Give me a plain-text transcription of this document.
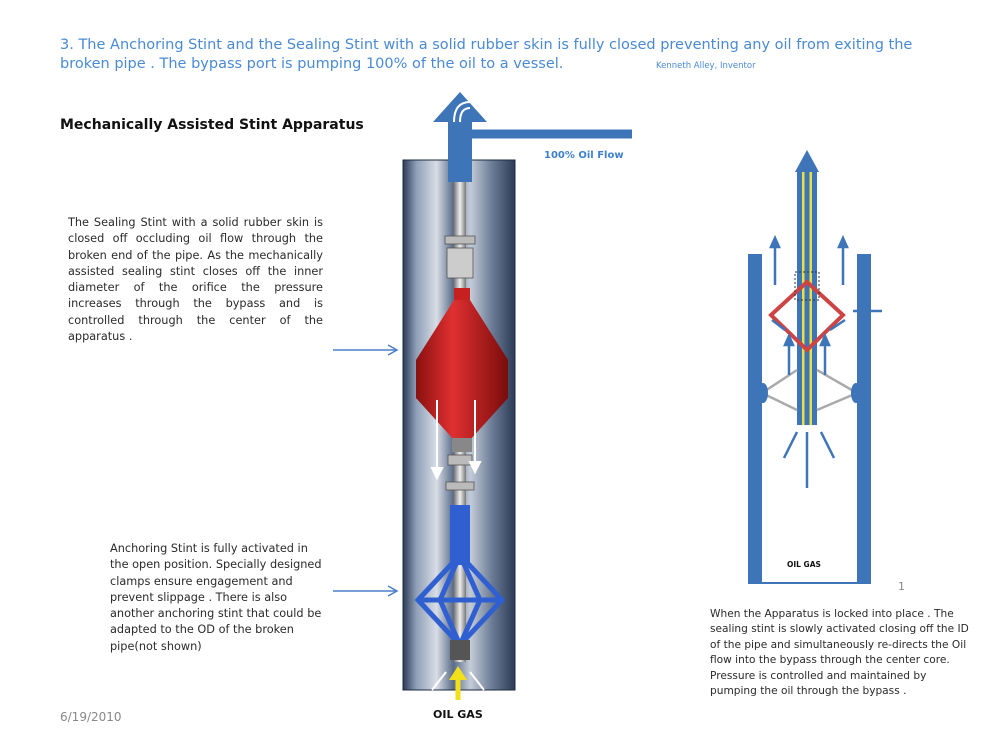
3. The Anchoring Stint and the Sealing Stint with a solid rubber skin is fully closed preventing any oil from exiting the broken pipe . The bypass port is pumping 100% of the oil to a vessel.	Kenneth Alley, Inventor
Mechanically Assisted Stint Apparatus
100% Oil Flow
The Sealing Stint with a solid rubber skin is closed off occluding oil flow through the broken end of the pipe. As the mechanically assisted sealing stint closes off the inner diameter of the orifice the pressure increases through the bypass and is controlled through the center of the apparatus .
Anchoring Stint is fully activated in the open position. Specially designed clamps ensure engagement and prevent slippage . There is also another anchoring stint that could be adapted to the OD of the broken pipe(not shown)
When the Apparatus is locked into place . The sealing stint is slowly activated closing off the ID of the pipe and simultaneously re-directs the Oil flow into the bypass through the center core. Pressure is controlled and maintained by pumping the oil through the bypass .
6/19/2010	OIL GAS
OIL GAS
1
